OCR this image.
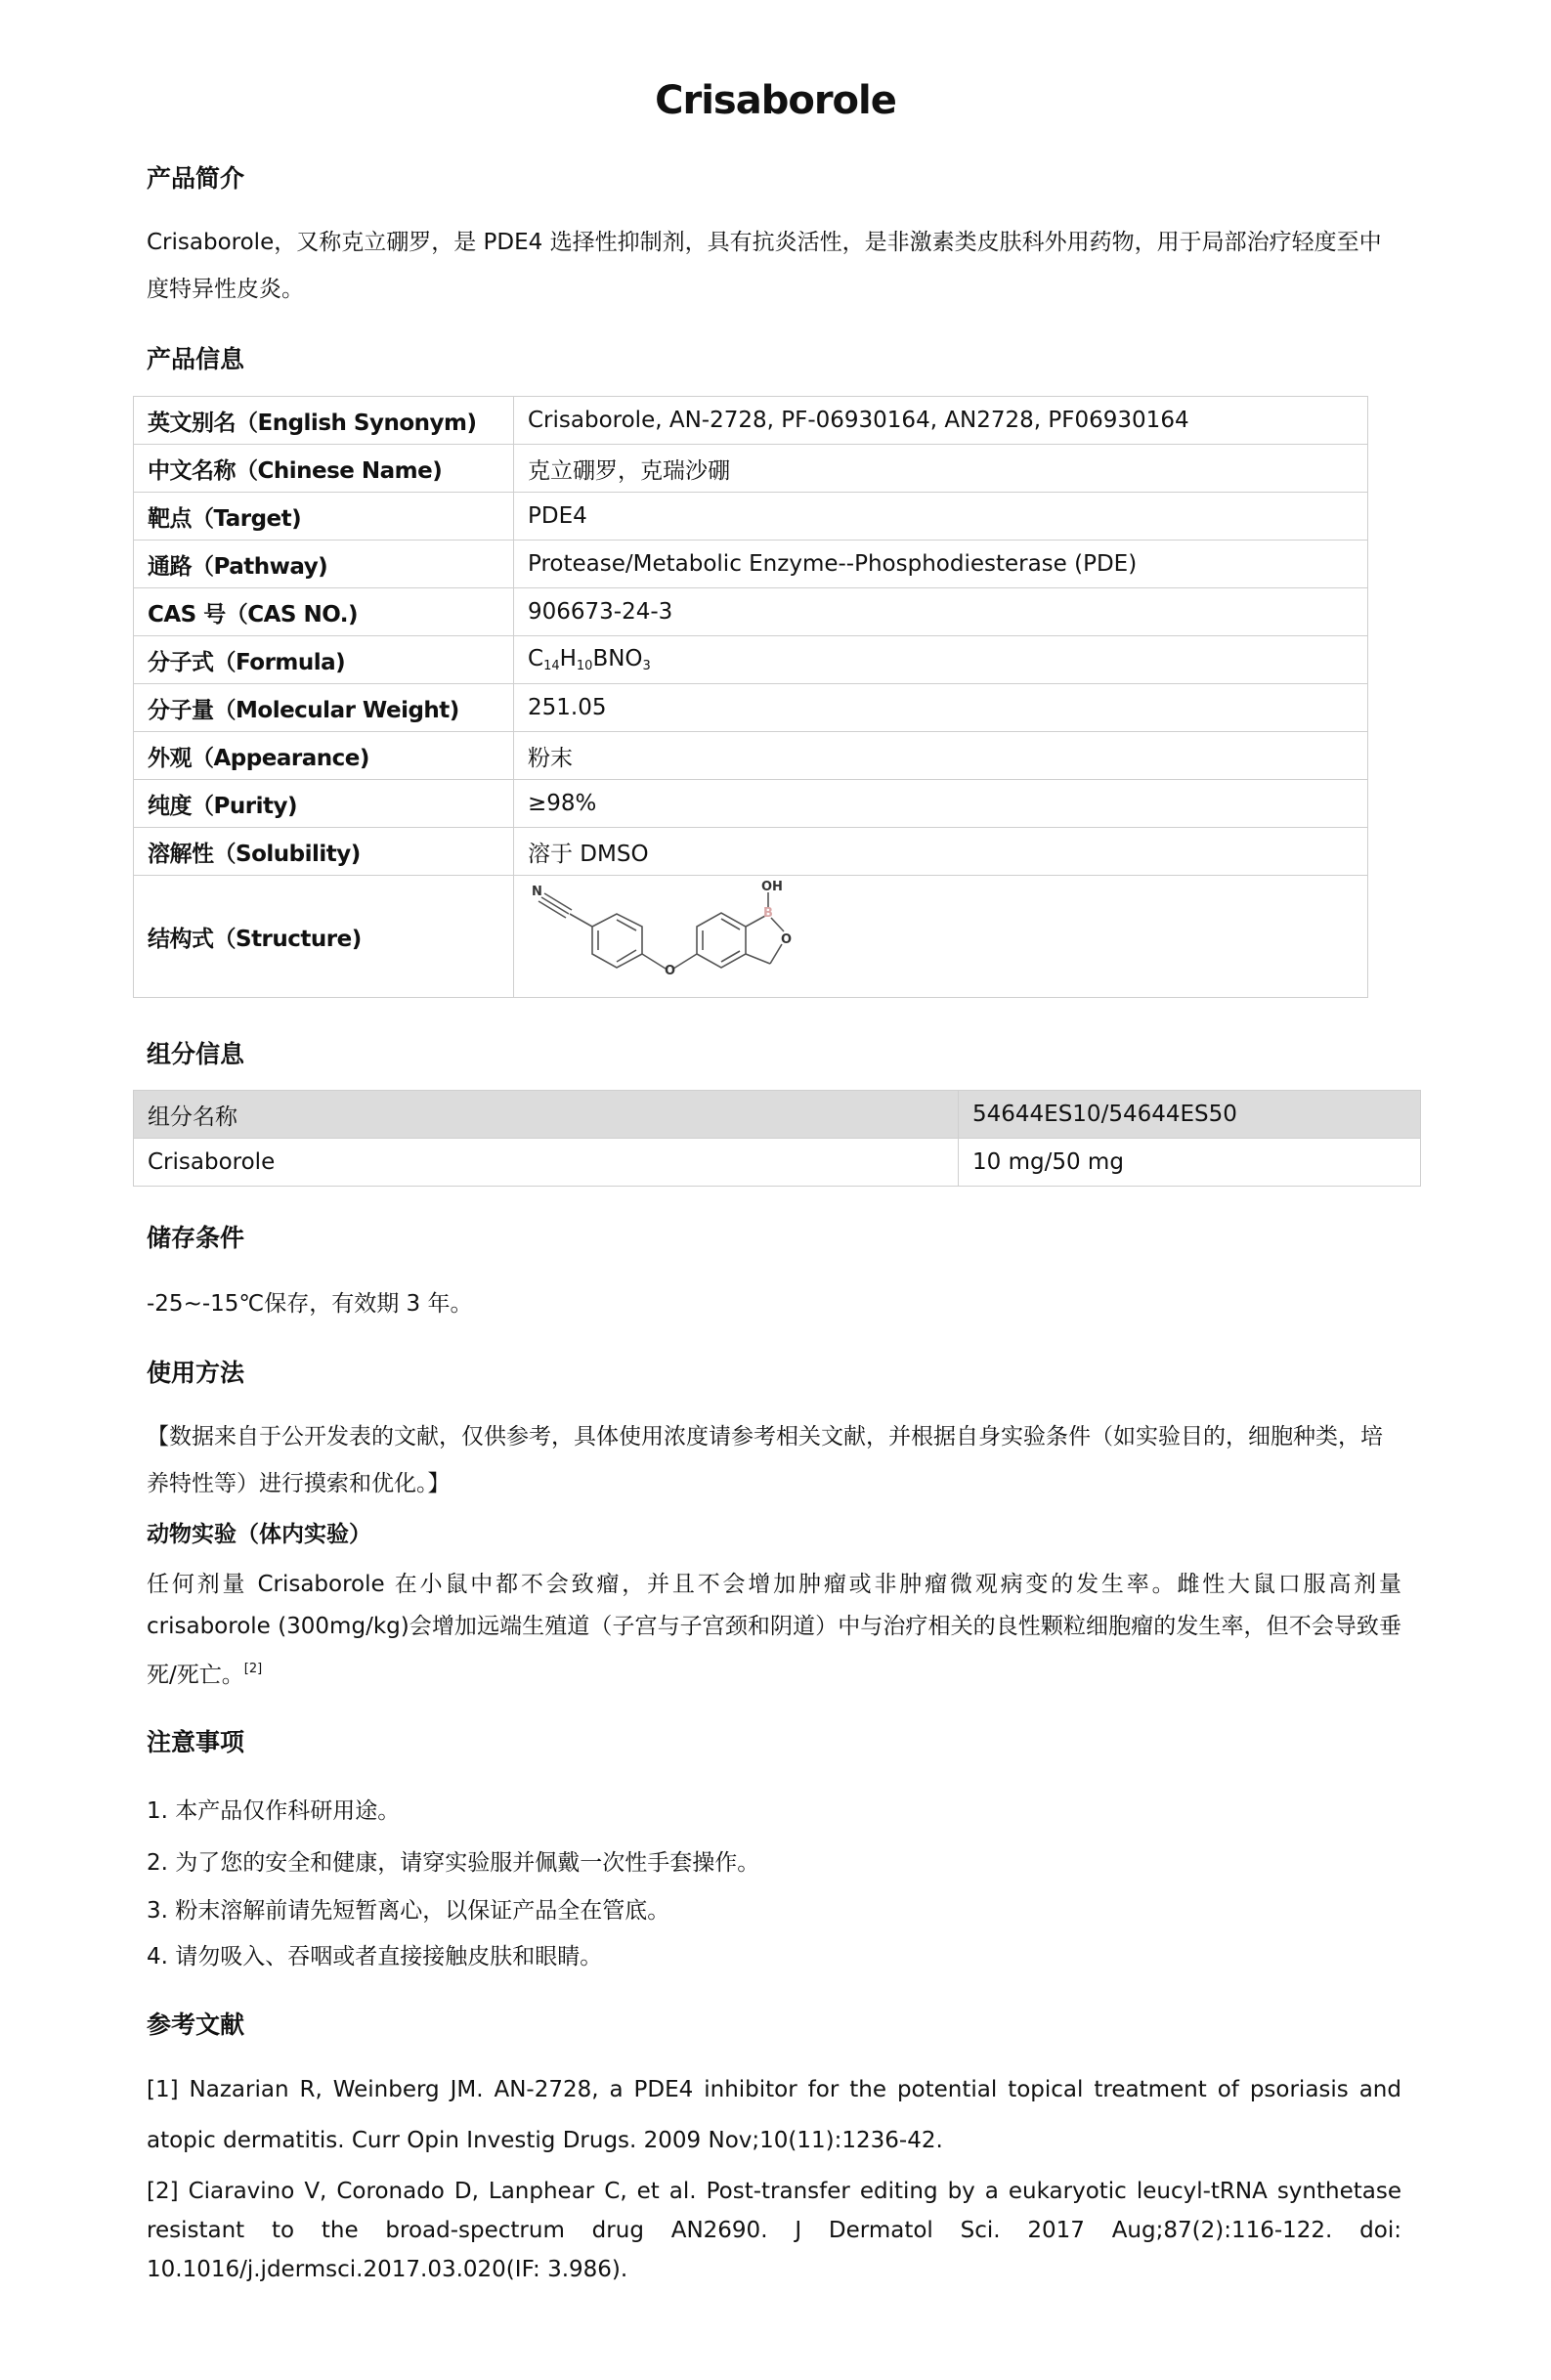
Crisaborole
产品简介
Crisaborole，又称克立硼罗，是 PDE4 选择性抑制剂，具有抗炎活性，是非激素类皮肤科外用药物，用于局部治疗轻度至中度特异性皮炎。
产品信息
英文别名（English Synonym)	Crisaborole, AN-2728, PF-06930164, AN2728, PF06930164
中文名称（Chinese Name)	克立硼罗，克瑞沙硼
靶点（Target)	PDE4
通路（Pathway)	Protease/Metabolic Enzyme--Phosphodiesterase (PDE)
CAS 号（CAS NO.)	906673-24-3
分子式（Formula)	$C_{14}H_{10}BNO_3$
分子量（Molecular Weight)	251.05
外观（Appearance)	粉末
纯度（Purity)	≥98%
溶解性（Solubility)	溶于 DMSO
结构式（Structure)	N OH
B
O
O
组分信息
组分名称	54644ES10/54644ES50
Crisaborole	10 mg/50 mg
储存条件
-25~-15℃保存，有效期 3 年。
使用方法
【数据来自于公开发表的文献，仅供参考，具体使用浓度请参考相关文献，并根据自身实验条件（如实验目的，细胞种类，培养特性等）进行摸索和优化。】
动物实验（体内实验）
任何剂量 Crisaborole 在小鼠中都不会致瘤，并且不会增加肿瘤或非肿瘤微观病变的发生率。雌性大鼠口服高剂量 crisaborole (300mg/kg)会增加远端生殖道（子宫与子宫颈和阴道）中与治疗相关的良性颗粒细胞瘤的发生率，但不会导致垂死/死亡。[2]
注意事项
1. 本产品仅作科研用途。
2. 为了您的安全和健康，请穿实验服并佩戴一次性手套操作。
3. 粉末溶解前请先短暂离心，以保证产品全在管底。
4. 请勿吸入、吞咽或者直接接触皮肤和眼睛。
参考文献
[1] Nazarian R, Weinberg JM. AN-2728, a PDE4 inhibitor for the potential topical treatment of psoriasis and atopic dermatitis. Curr Opin Investig Drugs. 2009 Nov;10(11):1236-42.
[2] Ciaravino V, Coronado D, Lanphear C, et al. Post-transfer editing by a eukaryotic leucyl-tRNA synthetase resistant to the broad-spectrum drug AN2690. J Dermatol Sci. 2017 Aug;87(2):116-122. doi: 10.1016/j.jdermsci.2017.03.020(IF: 3.986).
